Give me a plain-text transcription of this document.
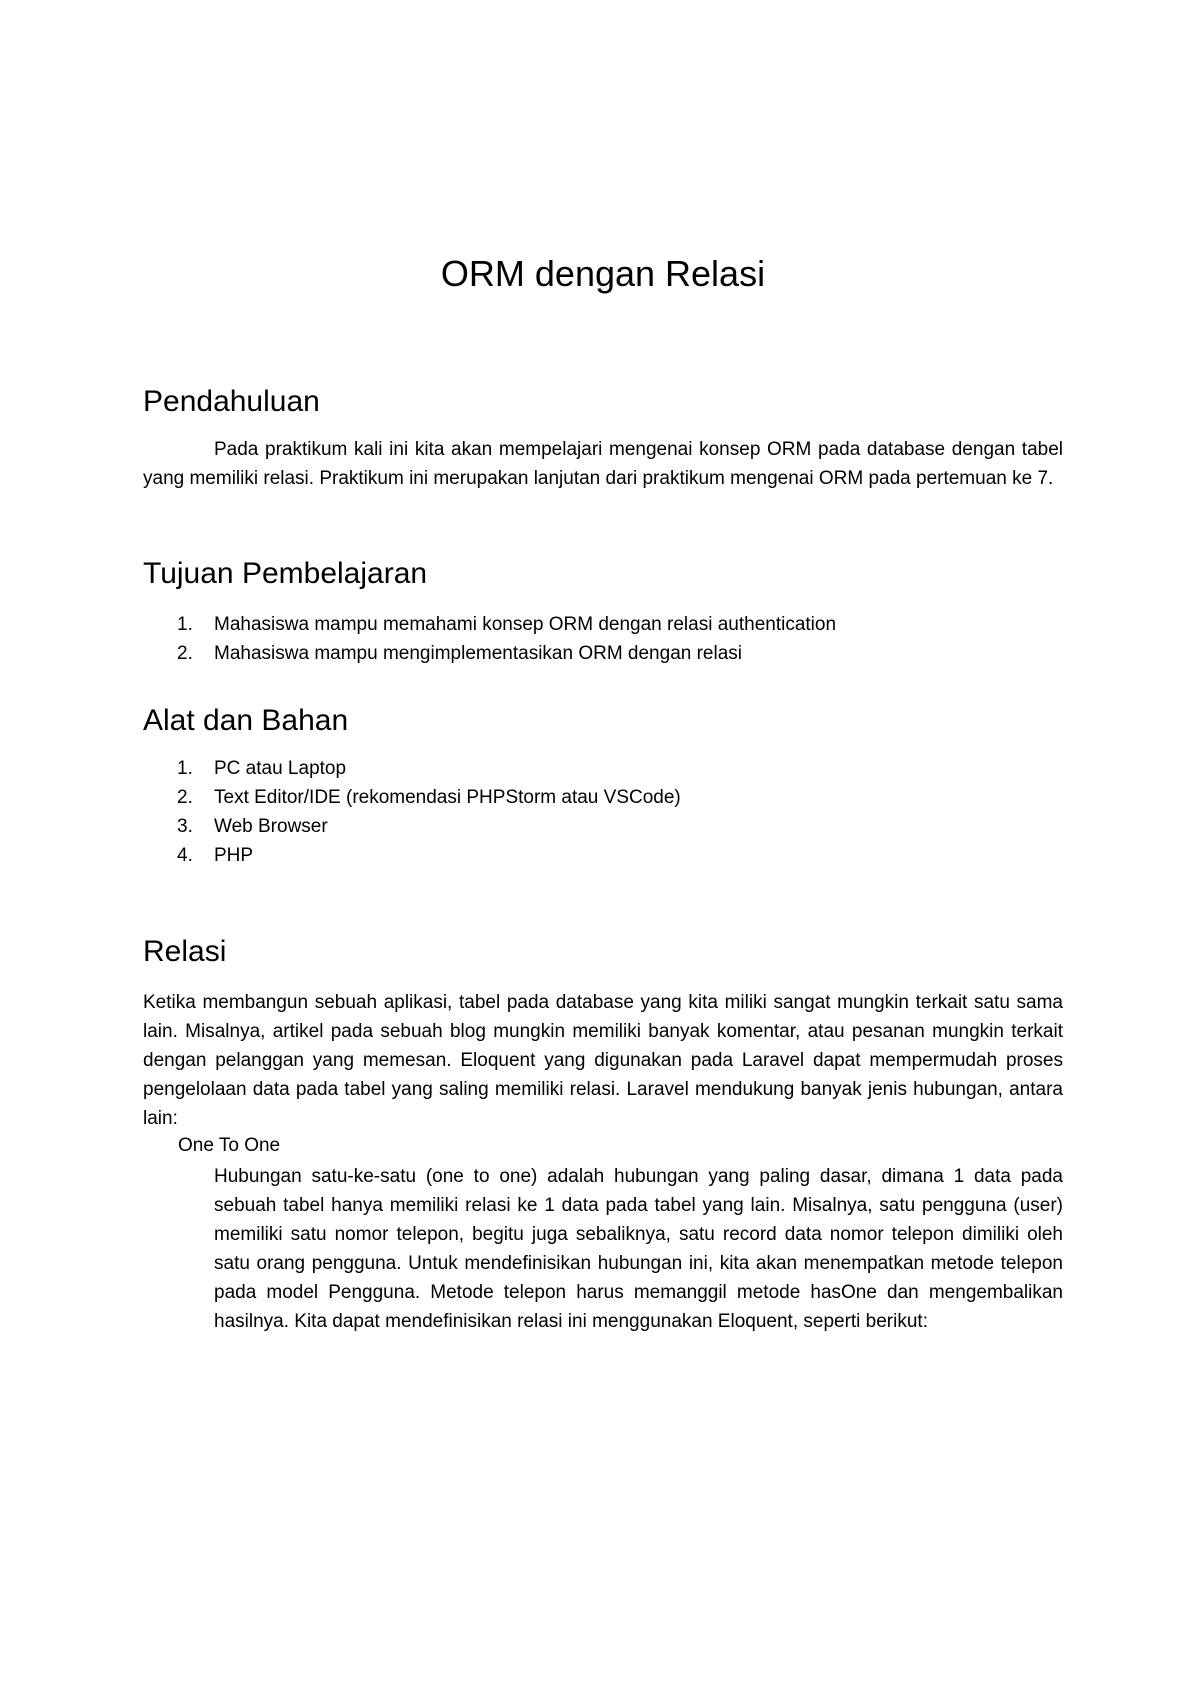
ORM dengan Relasi
Pendahuluan

Pada praktikum kali ini kita akan mempelajari mengenai konsep ORM pada database dengan tabel yang memiliki relasi. Praktikum ini merupakan lanjutan dari praktikum mengenai ORM pada pertemuan ke 7.

Tujuan Pembelajaran
1.	Mahasiswa mampu memahami konsep ORM dengan relasi authentication
2.	Mahasiswa mampu mengimplementasikan ORM dengan relasi
Alat dan Bahan
1.	PC atau Laptop
2.	Text Editor/IDE (rekomendasi PHPStorm atau VSCode)
3.	Web Browser
4.	PHP
Relasi

Ketika membangun sebuah aplikasi, tabel pada database yang kita miliki sangat mungkin terkait satu sama lain. Misalnya, artikel pada sebuah blog mungkin memiliki banyak komentar, atau pesanan mungkin terkait dengan pelanggan yang memesan. Eloquent yang digunakan pada Laravel dapat mempermudah proses pengelolaan data pada tabel yang saling memiliki relasi. Laravel mendukung banyak jenis hubungan, antara lain:

One To One

Hubungan satu-ke-satu (one to one) adalah hubungan yang paling dasar, dimana 1 data pada sebuah tabel hanya memiliki relasi ke 1 data pada tabel yang lain. Misalnya, satu pengguna (user) memiliki satu nomor telepon, begitu juga sebaliknya, satu record data nomor telepon dimiliki oleh satu orang pengguna. Untuk mendefinisikan hubungan ini, kita akan menempatkan metode telepon pada model Pengguna. Metode telepon harus memanggil metode hasOne dan mengembalikan hasilnya. Kita dapat mendefinisikan relasi ini menggunakan Eloquent, seperti berikut:
